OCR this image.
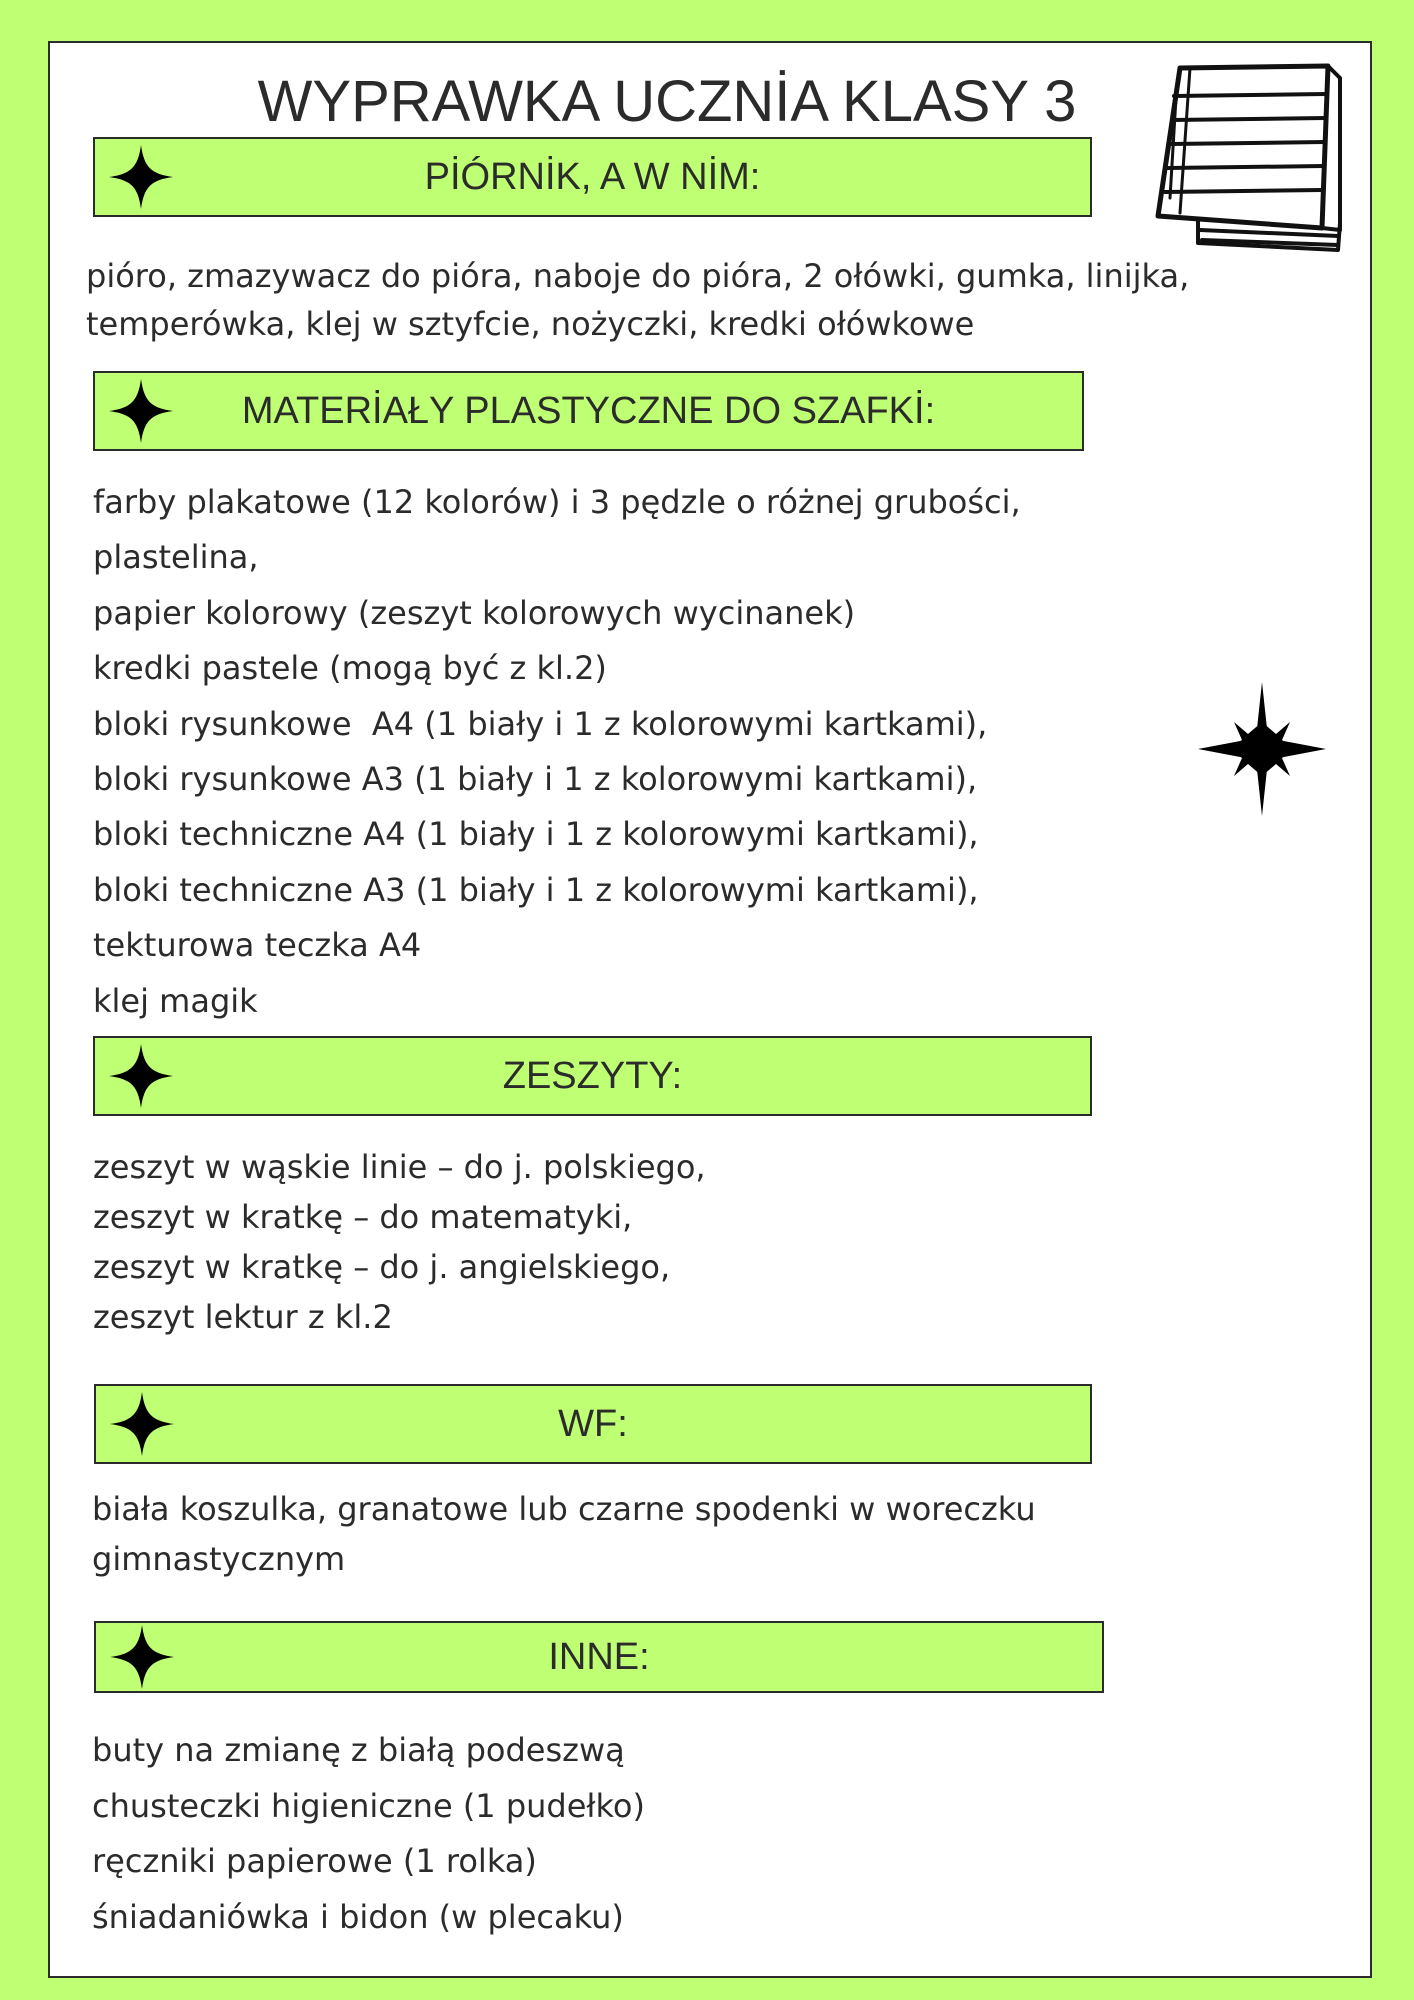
WYPRAWKA UCZNİA KLASY 3
PİÓRNİK, A W NİM:
pióro, zmazywacz do pióra, naboje do pióra, 2 ołówki, gumka, linijka,
temperówka, klej w sztyfcie, nożyczki, kredki ołówkowe
MATERİAŁY PLASTYCZNE DO SZAFKİ:
farby plakatowe (12 kolorów) i 3 pędzle o różnej grubości,
plastelina,
papier kolorowy (zeszyt kolorowych wycinanek)
kredki pastele (mogą być z kl.2)
bloki rysunkowe  A4 (1 biały i 1 z kolorowymi kartkami),
bloki rysunkowe A3 (1 biały i 1 z kolorowymi kartkami),
bloki techniczne A4 (1 biały i 1 z kolorowymi kartkami),
bloki techniczne A3 (1 biały i 1 z kolorowymi kartkami),
tekturowa teczka A4
klej magik
ZESZYTY:
zeszyt w wąskie linie – do j. polskiego,
zeszyt w kratkę – do matematyki,
zeszyt w kratkę – do j. angielskiego,
zeszyt lektur z kl.2
WF:
biała koszulka, granatowe lub czarne spodenki w woreczku
gimnastycznym
INNE:
buty na zmianę z białą podeszwą
chusteczki higieniczne (1 pudełko)
ręczniki papierowe (1 rolka)
śniadaniówka i bidon (w plecaku)
